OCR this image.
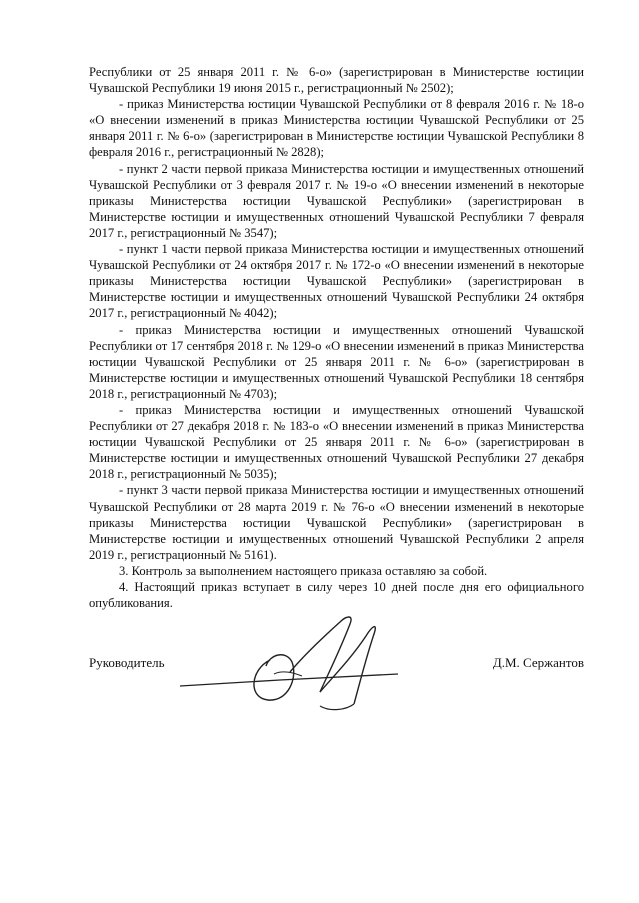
Республики от 25 января 2011 г. № 6-о» (зарегистрирован в Министерстве юстиции Чувашской Республики 19 июня 2015 г., регистрационный № 2502);

- приказ Министерства юстиции Чувашской Республики от 8 февраля 2016 г. № 18-о «О внесении изменений в приказ Министерства юстиции Чувашской Республики от 25 января 2011 г. № 6-о» (зарегистрирован в Министерстве юстиции Чувашской Республики 8 февраля 2016 г., регистрационный № 2828);

- пункт 2 части первой приказа Министерства юстиции и имущественных отношений Чувашской Республики от 3 февраля 2017 г. № 19-о «О внесении изменений в некоторые приказы Министерства юстиции Чувашской Республики» (зарегистрирован в Министерстве юстиции и имущественных отношений Чувашской Республики 7 февраля 2017 г., регистрационный № 3547);

- пункт 1 части первой приказа Министерства юстиции и имущественных отношений Чувашской Республики от 24 октября 2017 г. № 172-о «О внесении изменений в некоторые приказы Министерства юстиции Чувашской Республики» (зарегистрирован в Министерстве юстиции и имущественных отношений Чувашской Республики 24 октября 2017 г., регистрационный № 4042);

- приказ Министерства юстиции и имущественных отношений Чувашской Республики от 17 сентября 2018 г. № 129-о «О внесении изменений в приказ Министерства юстиции Чувашской Республики от 25 января 2011 г. № 6-о» (зарегистрирован в Министерстве юстиции и имущественных отношений Чувашской Республики 18 сентября 2018 г., регистрационный № 4703);

- приказ Министерства юстиции и имущественных отношений Чувашской Республики от 27 декабря 2018 г. № 183-о «О внесении изменений в приказ Министерства юстиции Чувашской Республики от 25 января 2011 г. № 6-о» (зарегистрирован в Министерстве юстиции и имущественных отношений Чувашской Республики 27 декабря 2018 г., регистрационный № 5035);

- пункт 3 части первой приказа Министерства юстиции и имущественных отношений Чувашской Республики от 28 марта 2019 г. № 76-о «О внесении изменений в некоторые приказы Министерства юстиции Чувашской Республики» (зарегистрирован в Министерстве юстиции и имущественных отношений Чувашской Республики 2 апреля 2019 г., регистрационный № 5161).

3. Контроль за выполнением настоящего приказа оставляю за собой.

4. Настоящий приказ вступает в силу через 10 дней после дня его официального опубликования.

Руководитель	Д.М. Сержантов
